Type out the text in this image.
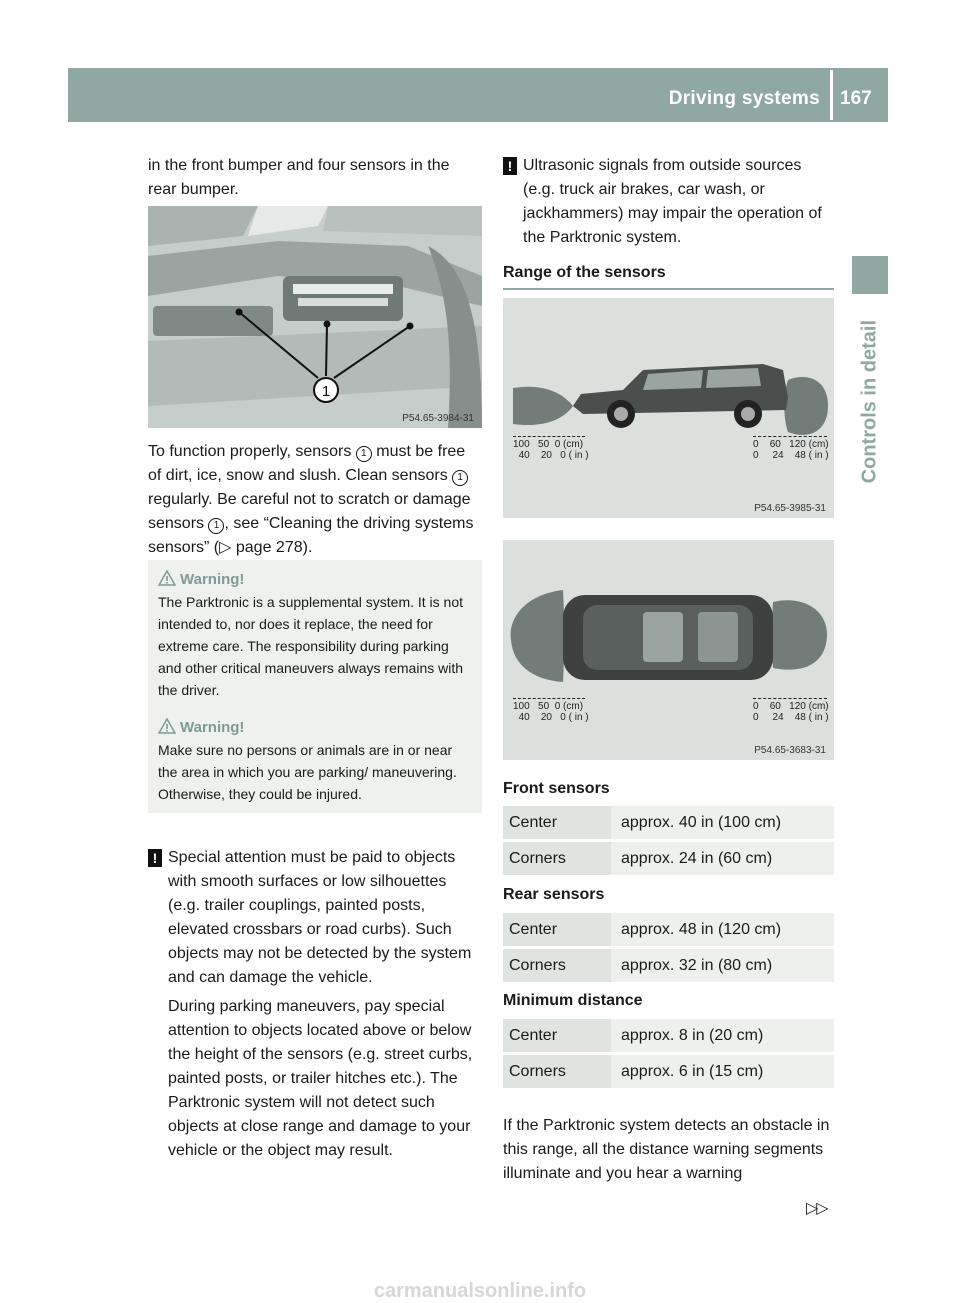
Driving systems 167
Controls in detail

in the front bumper and four sensors in the rear bumper.

1
P54.65-3984-31

To function properly, sensors 1 must be free of dirt, ice, snow and slush. Clean sensors 1 regularly. Be careful not to scratch or damage sensors 1 , see “Cleaning the driving systems sensors” (▷ page 278).

Warning!

The Parktronic is a supplemental system. It is not intended to, nor does it replace, the need for extreme care. The responsibility during parking and other critical maneuvers always remains with the driver.

Warning!

Make sure no persons or animals are in or near the area in which you are parking/ maneuvering. Otherwise, they could be injured.

! Special attention must be paid to objects with smooth surfaces or low silhouettes (e.g. trailer couplings, painted posts, elevated crossbars or road curbs). Such objects may not be detected by the system and can damage the vehicle.

During parking maneuvers, pay special attention to objects located above or below the height of the sensors (e.g. street curbs, painted posts, or trailer hitches etc.). The Parktronic system will not detect such objects at close range and damage to your vehicle or the object may result.

! Ultrasonic signals from outside sources (e.g. truck air brakes, car wash, or jackhammers) may impair the operation of the Parktronic system.

Range of the sensors
100 50 0 (cm)
40 20 0 ( in )
0 60 120 (cm)
0 24 48 ( in )
P54.65-3985-31
100 50 0 (cm)
40 20 0 ( in )
0 60 120 (cm)
0 24 48 ( in )
P54.65-3683-31
Front sensors
Center	approx. 40 in (100 cm)
Corners	approx. 24 in (60 cm)
Rear sensors
Center	approx. 48 in (120 cm)
Corners	approx. 32 in (80 cm)
Minimum distance
Center	approx. 8 in (20 cm)
Corners	approx. 6 in (15 cm)

If the Parktronic system detects an obstacle in this range, all the distance warning segments illuminate and you hear a warning

▷▷
carmanualsonline.info
